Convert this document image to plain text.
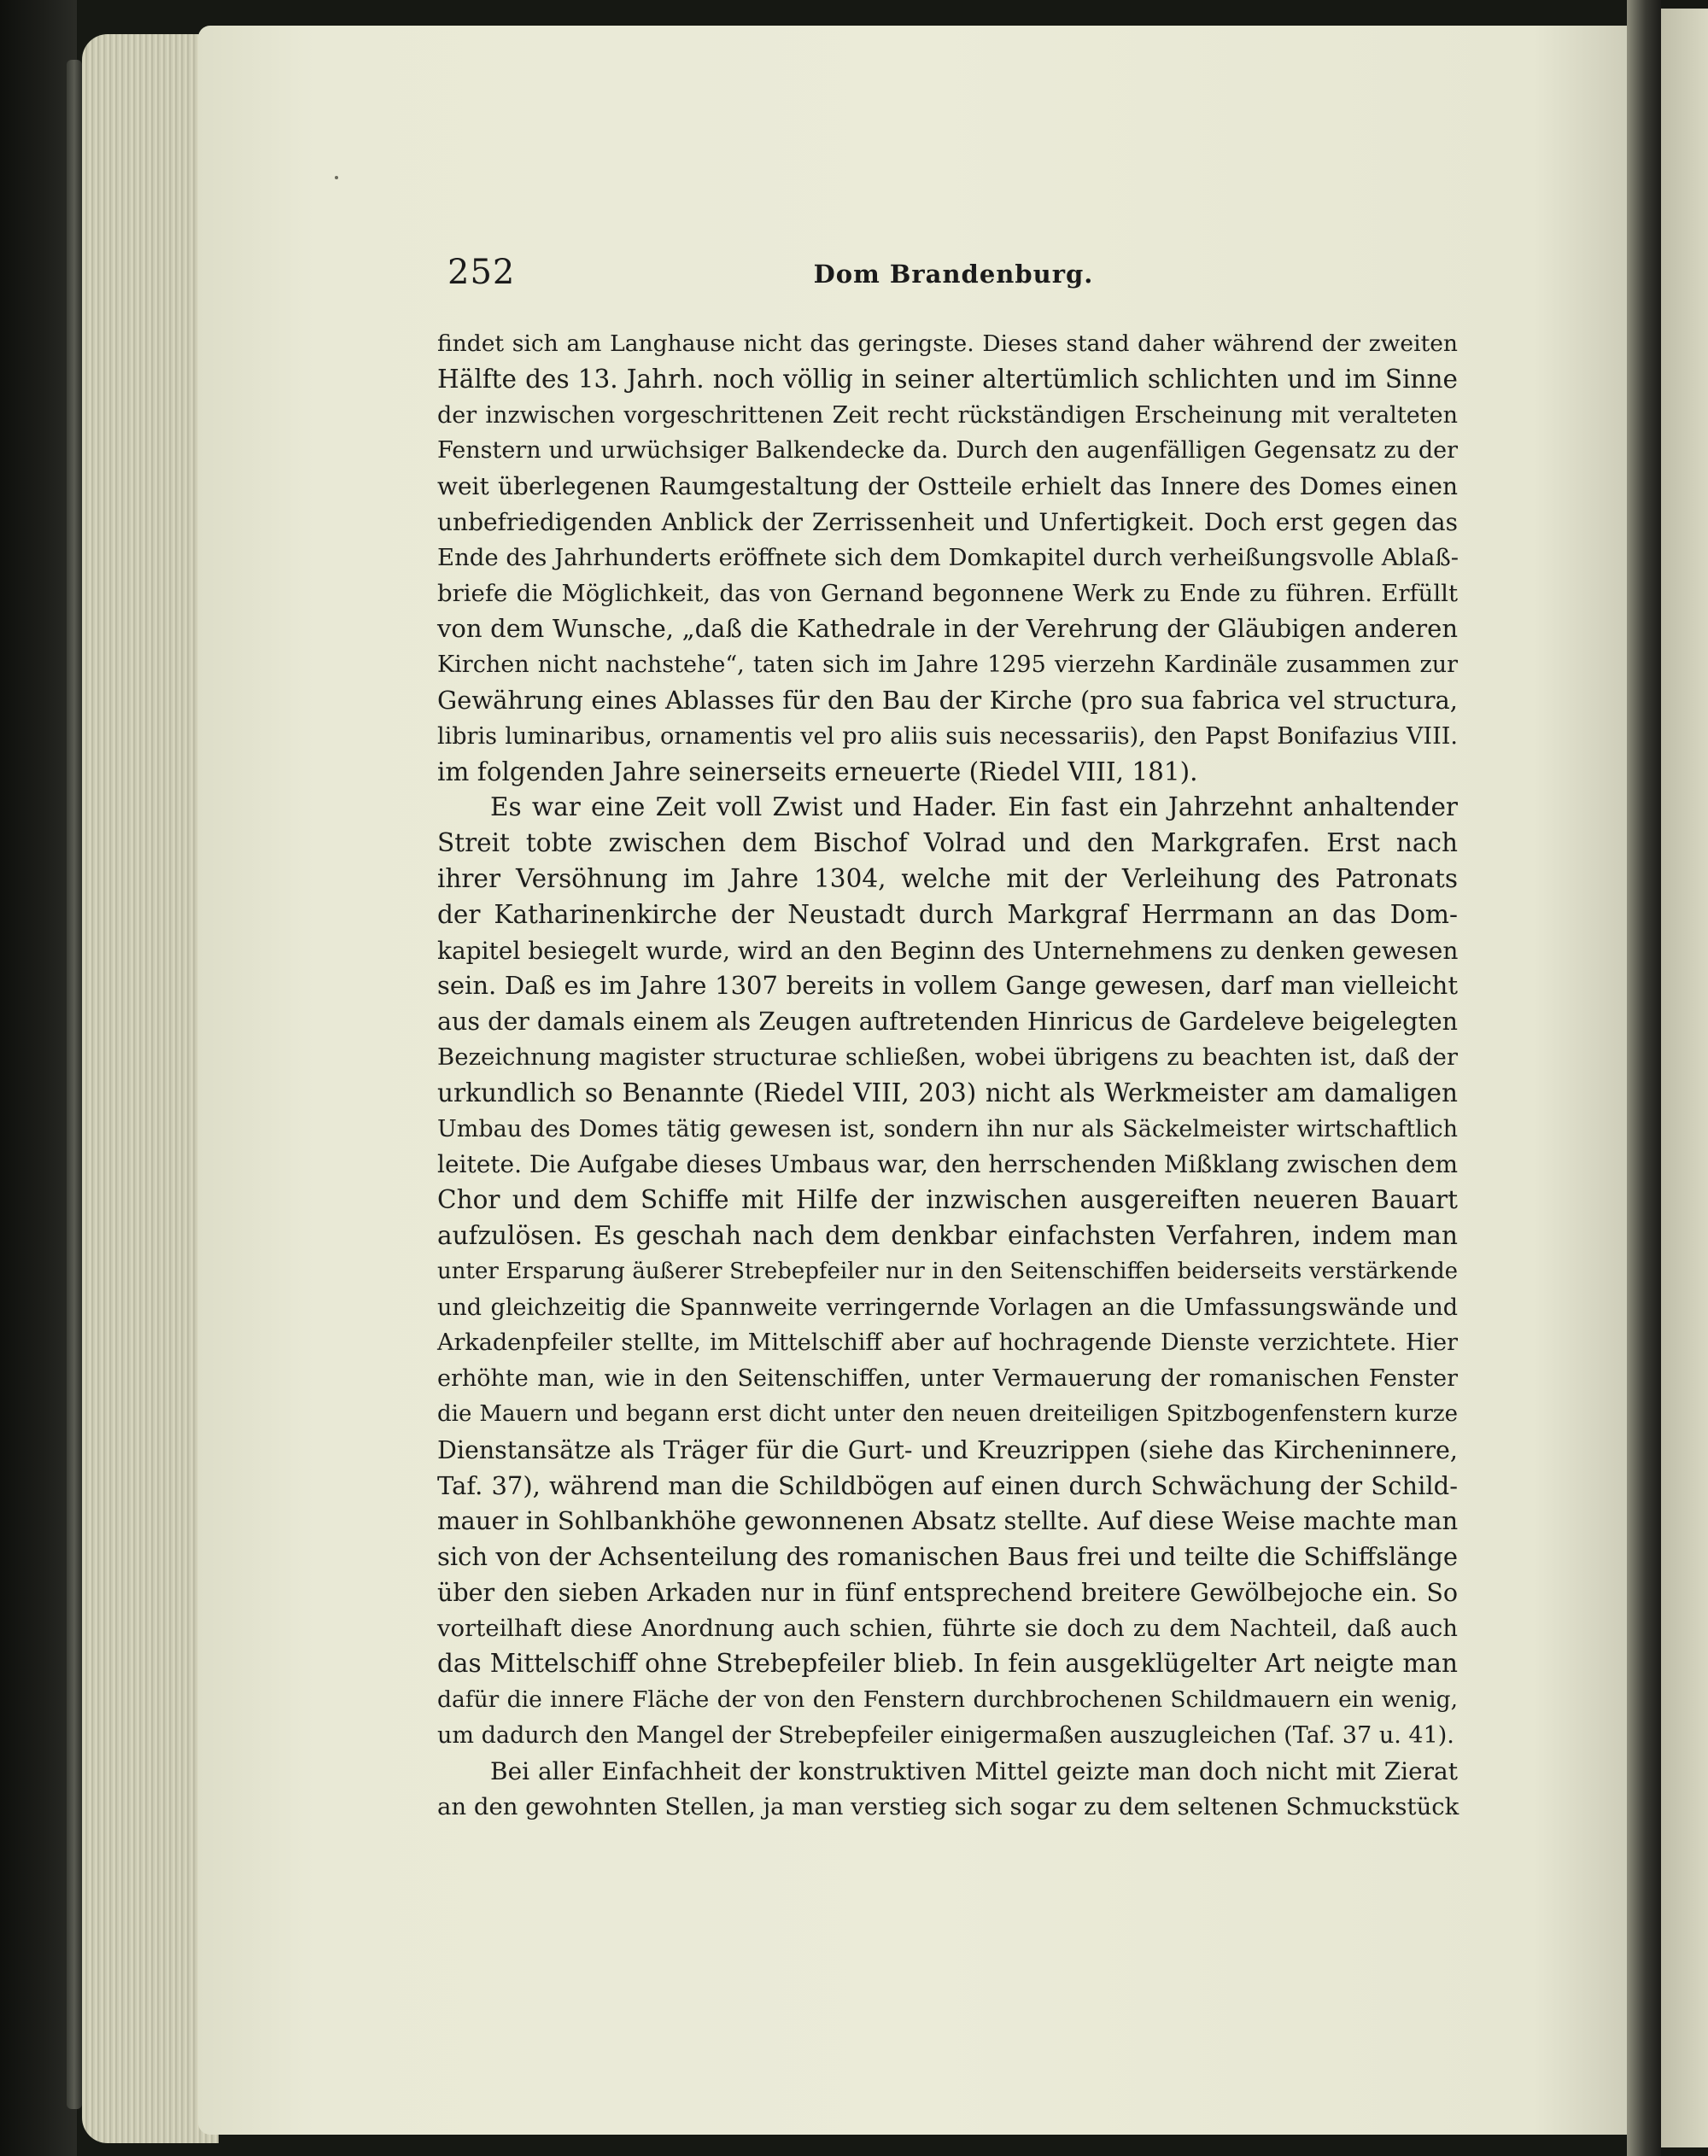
252	Dom Brandenburg.
findet sich am Langhause nicht das geringste. Dieses stand daher während der zweiten
Hälfte des 13. Jahrh. noch völlig in seiner altertümlich schlichten und im Sinne
der inzwischen vorgeschrittenen Zeit recht rückständigen Erscheinung mit veralteten
Fenstern und urwüchsiger Balkendecke da. Durch den augenfälligen Gegensatz zu der
weit überlegenen Raumgestaltung der Ostteile erhielt das Innere des Domes einen
unbefriedigenden Anblick der Zerrissenheit und Unfertigkeit. Doch erst gegen das
Ende des Jahrhunderts eröffnete sich dem Domkapitel durch verheißungsvolle Ablaß-
briefe die Möglichkeit, das von Gernand begonnene Werk zu Ende zu führen. Erfüllt
von dem Wunsche, „daß die Kathedrale in der Verehrung der Gläubigen anderen
Kirchen nicht nachstehe“, taten sich im Jahre 1295 vierzehn Kardinäle zusammen zur
Gewährung eines Ablasses für den Bau der Kirche (pro sua fabrica vel structura,
libris luminaribus, ornamentis vel pro aliis suis necessariis), den Papst Bonifazius VIII.
im folgenden Jahre seinerseits erneuerte (Riedel VIII, 181).
Es war eine Zeit voll Zwist und Hader. Ein fast ein Jahrzehnt anhaltender
Streit tobte zwischen dem Bischof Volrad und den Markgrafen. Erst nach
ihrer Versöhnung im Jahre 1304, welche mit der Verleihung des Patronats
der Katharinenkirche der Neustadt durch Markgraf Herrmann an das Dom-
kapitel besiegelt wurde, wird an den Beginn des Unternehmens zu denken gewesen
sein. Daß es im Jahre 1307 bereits in vollem Gange gewesen, darf man vielleicht
aus der damals einem als Zeugen auftretenden Hinricus de Gardeleve beigelegten
Bezeichnung magister structurae schließen, wobei übrigens zu beachten ist, daß der
urkundlich so Benannte (Riedel VIII, 203) nicht als Werkmeister am damaligen
Umbau des Domes tätig gewesen ist, sondern ihn nur als Säckelmeister wirtschaftlich
leitete. Die Aufgabe dieses Umbaus war, den herrschenden Mißklang zwischen dem
Chor und dem Schiffe mit Hilfe der inzwischen ausgereiften neueren Bauart
aufzulösen. Es geschah nach dem denkbar einfachsten Verfahren, indem man
unter Ersparung äußerer Strebepfeiler nur in den Seitenschiffen beiderseits verstärkende
und gleichzeitig die Spannweite verringernde Vorlagen an die Umfassungswände und
Arkadenpfeiler stellte, im Mittelschiff aber auf hochragende Dienste verzichtete. Hier
erhöhte man, wie in den Seitenschiffen, unter Vermauerung der romanischen Fenster
die Mauern und begann erst dicht unter den neuen dreiteiligen Spitzbogenfenstern kurze
Dienstansätze als Träger für die Gurt- und Kreuzrippen (siehe das Kircheninnere,
Taf. 37), während man die Schildbögen auf einen durch Schwächung der Schild-
mauer in Sohlbankhöhe gewonnenen Absatz stellte. Auf diese Weise machte man
sich von der Achsenteilung des romanischen Baus frei und teilte die Schiffslänge
über den sieben Arkaden nur in fünf entsprechend breitere Gewölbejoche ein. So
vorteilhaft diese Anordnung auch schien, führte sie doch zu dem Nachteil, daß auch
das Mittelschiff ohne Strebepfeiler blieb. In fein ausgeklügelter Art neigte man
dafür die innere Fläche der von den Fenstern durchbrochenen Schildmauern ein wenig,
um dadurch den Mangel der Strebepfeiler einigermaßen auszugleichen (Taf. 37 u. 41).
Bei aller Einfachheit der konstruktiven Mittel geizte man doch nicht mit Zierat
an den gewohnten Stellen, ja man verstieg sich sogar zu dem seltenen Schmuckstück
